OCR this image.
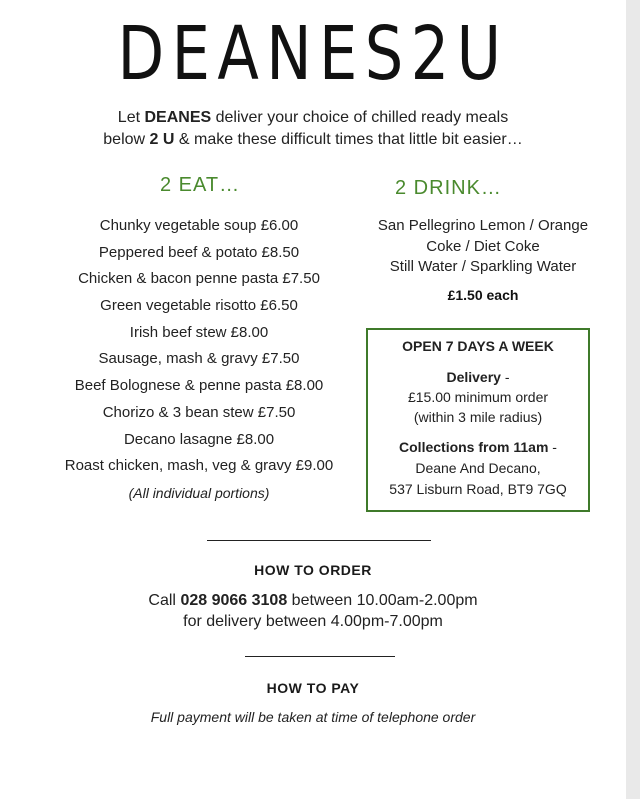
DEANES2U
Let DEANES deliver your choice of chilled ready meals
below 2 U & make these difficult times that little bit easier…
2 EAT…	2 DRINK…
Chunky vegetable soup £6.00
Peppered beef & potato £8.50
Chicken & bacon penne pasta £7.50
Green vegetable risotto £6.50
Irish beef stew £8.00
Sausage, mash & gravy £7.50
Beef Bolognese & penne pasta £8.00
Chorizo & 3 bean stew £7.50
Decano lasagne £8.00
Roast chicken, mash, veg & gravy £9.00
(All individual portions)
San Pellegrino Lemon / Orange
Coke / Diet Coke
Still Water / Sparkling Water
£1.50 each
OPEN 7 DAYS A WEEK
Delivery -
£15.00 minimum order
(within 3 mile radius)
Collections from 11am -
Deane And Decano,
537 Lisburn Road, BT9 7GQ
HOW TO ORDER
Call 028 9066 3108 between 10.00am-2.00pm
for delivery between 4.00pm-7.00pm
HOW TO PAY
Full payment will be taken at time of telephone order
